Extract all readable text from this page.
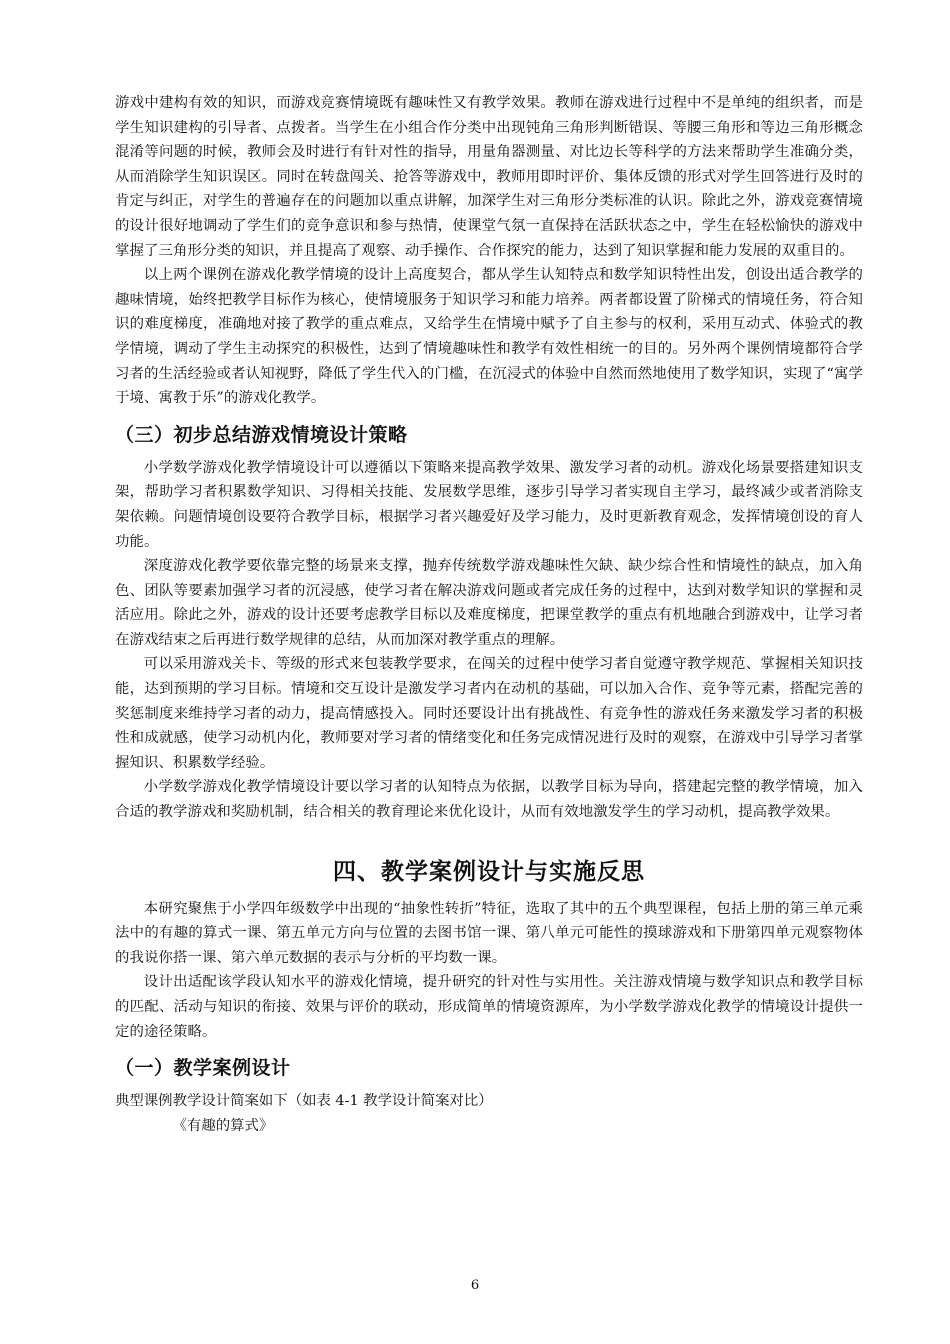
游戏中建构有效的知识，而游戏竞赛情境既有趣味性又有教学效果。教师在游戏进行过程中不是单纯的组织者，而是学生知识建构的引导者、点拨者。当学生在小组合作分类中出现钝角三角形判断错误、等腰三角形和等边三角形概念混淆等问题的时候，教师会及时进行有针对性的指导，用量角器测量、对比边长等科学的方法来帮助学生准确分类，从而消除学生知识误区。同时在转盘闯关、抢答等游戏中，教师用即时评价、集体反馈的形式对学生回答进行及时的肯定与纠正，对学生的普遍存在的问题加以重点讲解，加深学生对三角形分类标准的认识。除此之外，游戏竞赛情境的设计很好地调动了学生们的竞争意识和参与热情，使课堂气氛一直保持在活跃状态之中，学生在轻松愉快的游戏中掌握了三角形分类的知识，并且提高了观察、动手操作、合作探究的能力，达到了知识掌握和能力发展的双重目的。

以上两个课例在游戏化教学情境的设计上高度契合，都从学生认知特点和数学知识特性出发，创设出适合教学的趣味情境，始终把教学目标作为核心，使情境服务于知识学习和能力培养。两者都设置了阶梯式的情境任务，符合知识的难度梯度，准确地对接了教学的重点难点，又给学生在情境中赋予了自主参与的权利，采用互动式、体验式的教学情境，调动了学生主动探究的积极性，达到了情境趣味性和教学有效性相统一的目的。另外两个课例情境都符合学习者的生活经验或者认知视野，降低了学生代入的门槛，在沉浸式的体验中自然而然地使用了数学知识，实现了“寓学于境、寓教于乐”的游戏化教学。

（三）初步总结游戏情境设计策略

小学数学游戏化教学情境设计可以遵循以下策略来提高教学效果、激发学习者的动机。游戏化场景要搭建知识支架，帮助学习者积累数学知识、习得相关技能、发展数学思维，逐步引导学习者实现自主学习，最终减少或者消除支架依赖。问题情境创设要符合教学目标，根据学习者兴趣爱好及学习能力，及时更新教育观念，发挥情境创设的育人功能。

深度游戏化教学要依靠完整的场景来支撑，抛弃传统数学游戏趣味性欠缺、缺少综合性和情境性的缺点，加入角色、团队等要素加强学习者的沉浸感，使学习者在解决游戏问题或者完成任务的过程中，达到对数学知识的掌握和灵活应用。除此之外，游戏的设计还要考虑教学目标以及难度梯度，把课堂教学的重点有机地融合到游戏中，让学习者在游戏结束之后再进行数学规律的总结，从而加深对教学重点的理解。

可以采用游戏关卡、等级的形式来包装教学要求，在闯关的过程中使学习者自觉遵守教学规范、掌握相关知识技能，达到预期的学习目标。情境和交互设计是激发学习者内在动机的基础，可以加入合作、竞争等元素，搭配完善的奖惩制度来维持学习者的动力，提高情感投入。同时还要设计出有挑战性、有竞争性的游戏任务来激发学习者的积极性和成就感，使学习动机内化，教师要对学习者的情绪变化和任务完成情况进行及时的观察，在游戏中引导学习者掌握知识、积累数学经验。

小学数学游戏化教学情境设计要以学习者的认知特点为依据，以教学目标为导向，搭建起完整的教学情境，加入合适的教学游戏和奖励机制，结合相关的教育理论来优化设计，从而有效地激发学生的学习动机，提高教学效果。

四、教学案例设计与实施反思

本研究聚焦于小学四年级数学中出现的“抽象性转折”特征，选取了其中的五个典型课程，包括上册的第三单元乘法中的有趣的算式一课、第五单元方向与位置的去图书馆一课、第八单元可能性的摸球游戏和下册第四单元观察物体的我说你搭一课、第六单元数据的表示与分析的平均数一课。

设计出适配该学段认知水平的游戏化情境，提升研究的针对性与实用性。关注游戏情境与数学知识点和教学目标的匹配、活动与知识的衔接、效果与评价的联动，形成简单的情境资源库，为小学数学游戏化教学的情境设计提供一定的途径策略。

（一）教学案例设计

典型课例教学设计简案如下（如表 4-1 教学设计简案对比）

《有趣的算式》

6
